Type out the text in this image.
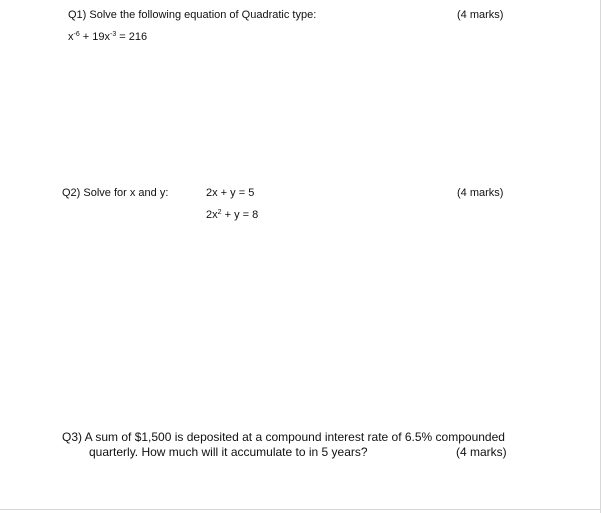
Q1) Solve the following equation of Quadratic type:	(4 marks)
$x^{-6} + 19x^{-3} = 216$
Q2) Solve for x and y:	2x + y = 5	(4 marks)
$2x^2 + y = 8$
Q3) A sum of $1,500 is deposited at a compound interest rate of 6.5% compounded
quarterly. How much will it accumulate to in 5 years?	(4 marks)
